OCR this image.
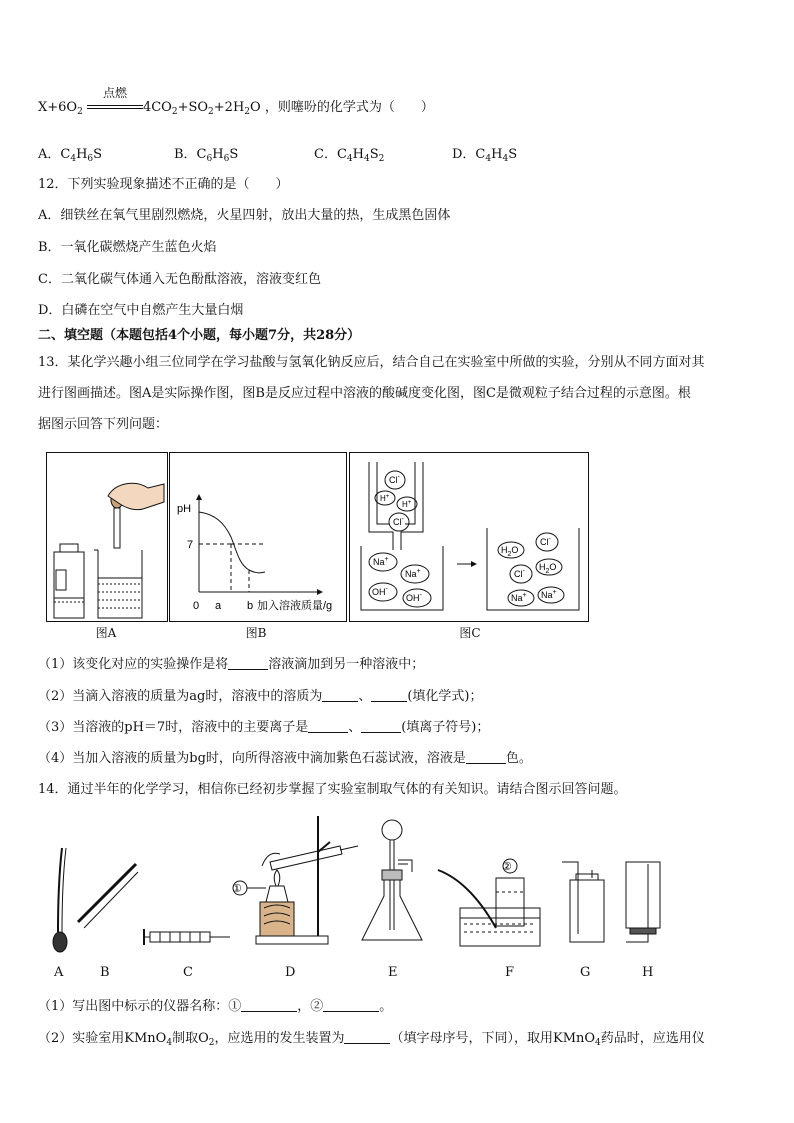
$X+6O_2$
点燃
$4CO_2+SO_2+2H_2O$ ，则噻吩的化学式为（　　）
A．$C_4H_6S$	B．$C_6H_6S$	C．$C_4H_4S_2$	D．$C_4H_4S$
12．下列实验现象描述不正确的是（　　）
A．细铁丝在氧气里剧烈燃烧，火星四射，放出大量的热，生成黑色固体
B．一氧化碳燃烧产生蓝色火焰
C．二氧化碳气体通入无色酚酞溶液，溶液变红色
D．白磷在空气中自燃产生大量白烟
二、填空题（本题包括4个小题，每小题7分，共28分）
13．某化学兴趣小组三位同学在学习盐酸与氢氧化钠反应后，结合自己在实验室中所做的实验，分别从不同方面对其
进行图画描述。图A是实际操作图，图B是反应过程中溶液的酸碱度变化图，图C是微观粒子结合过程的示意图。根
据图示回答下列问题：
图A
pH
7
0 a b 加入溶液质量/g
图B
Cl-
H+
H+
Cl-
Na+
Na+
OH-
OH-
$H_2O$
Cl-
Cl- $H_2O$
Na+ Na+
图C
（1）该变化对应的实验操作是将	溶液滴加到另一种溶液中；
（2）当滴入溶液的质量为ag时，溶液中的溶质为	、	(填化学式)；
（3）当溶液的pH＝7时，溶液中的主要离子是	、	(填离子符号)；
（4）当加入溶液的质量为bg时，向所得溶液中滴加紫色石蕊试液，溶液是	色。
14．通过半年的化学学习，相信你已经初步掌握了实验室制取气体的有关知识。请结合图示回答问题。
①
②
A	B	C	D	E	F	G	H
（1）写出图中标示的仪器名称：①	，②	。
（2）实验室用KMnO$_4$制取$O_2$，应选用的发生装置为	（填字母序号，下同），取用KMnO$_4$药品时，应选用仪
